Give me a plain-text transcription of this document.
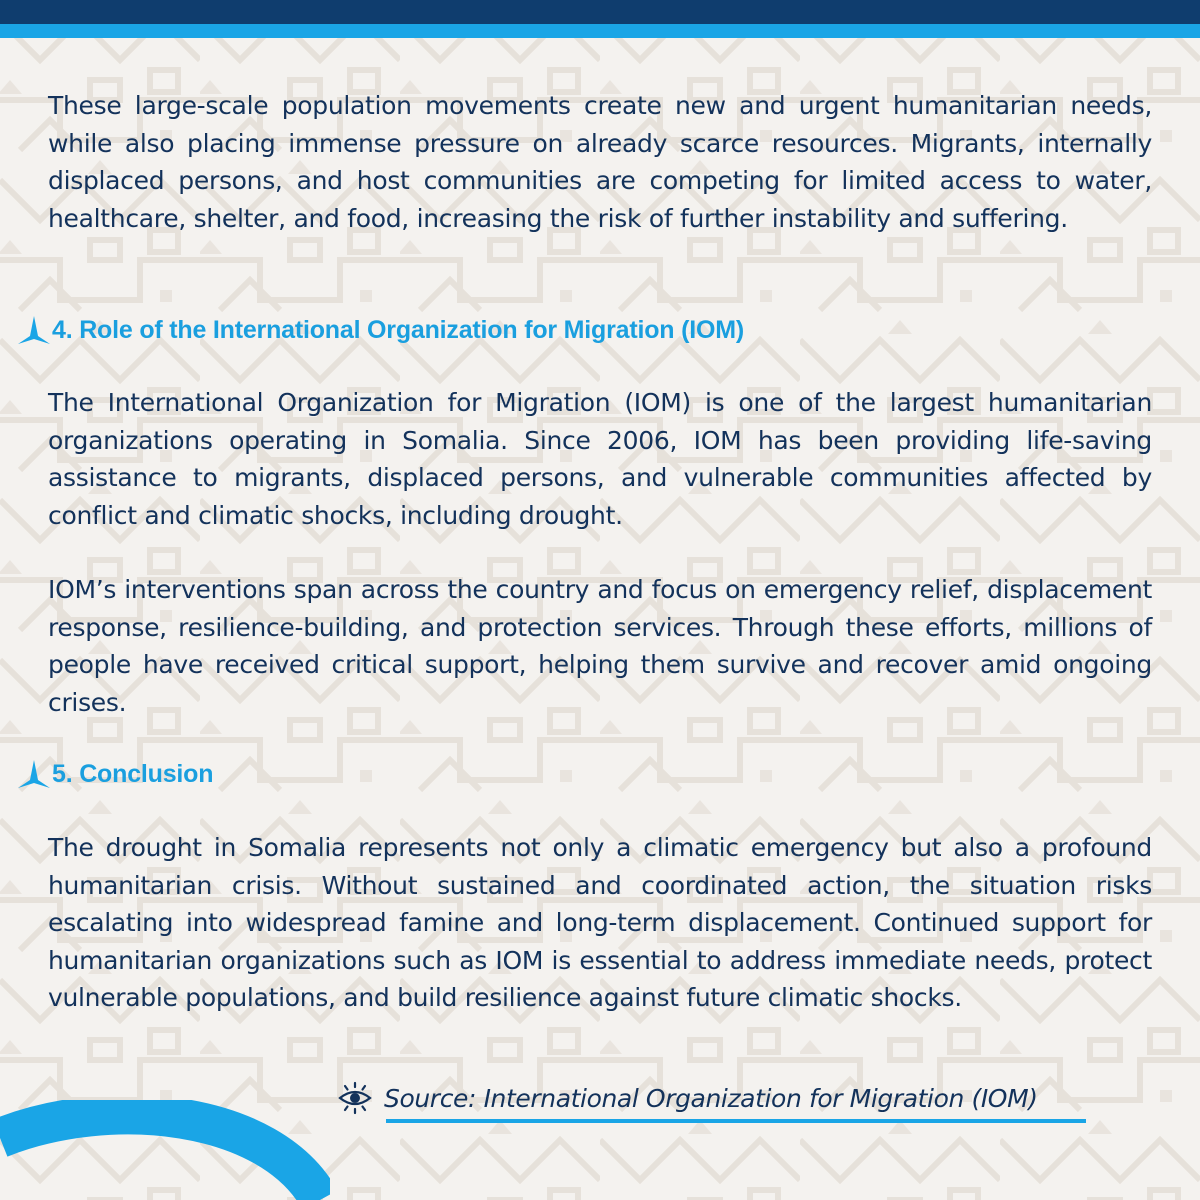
These large-scale population movements create new and urgent humanitarian needs, while also placing immense pressure on already scarce resources. Migrants, internally displaced persons, and host communities are competing for limited access to water, healthcare, shelter, and food, increasing the risk of further instability and suffering.

4. Role of the International Organization for Migration (IOM)

The International Organization for Migration (IOM) is one of the largest humanitarian organizations operating in Somalia. Since 2006, IOM has been providing life-saving assistance to migrants, displaced persons, and vulnerable communities affected by conflict and climatic shocks, including drought.

IOM’s interventions span across the country and focus on emergency relief, displacement response, resilience-building, and protection services. Through these efforts, millions of people have received critical support, helping them survive and recover amid ongoing crises.

5. Conclusion

The drought in Somalia represents not only a climatic emergency but also a profound humanitarian crisis. Without sustained and coordinated action, the situation risks escalating into widespread famine and long-term displacement. Continued support for humanitarian organizations such as IOM is essential to address immediate needs, protect vulnerable populations, and build resilience against future climatic shocks.

Source: International Organization for Migration (IOM)
